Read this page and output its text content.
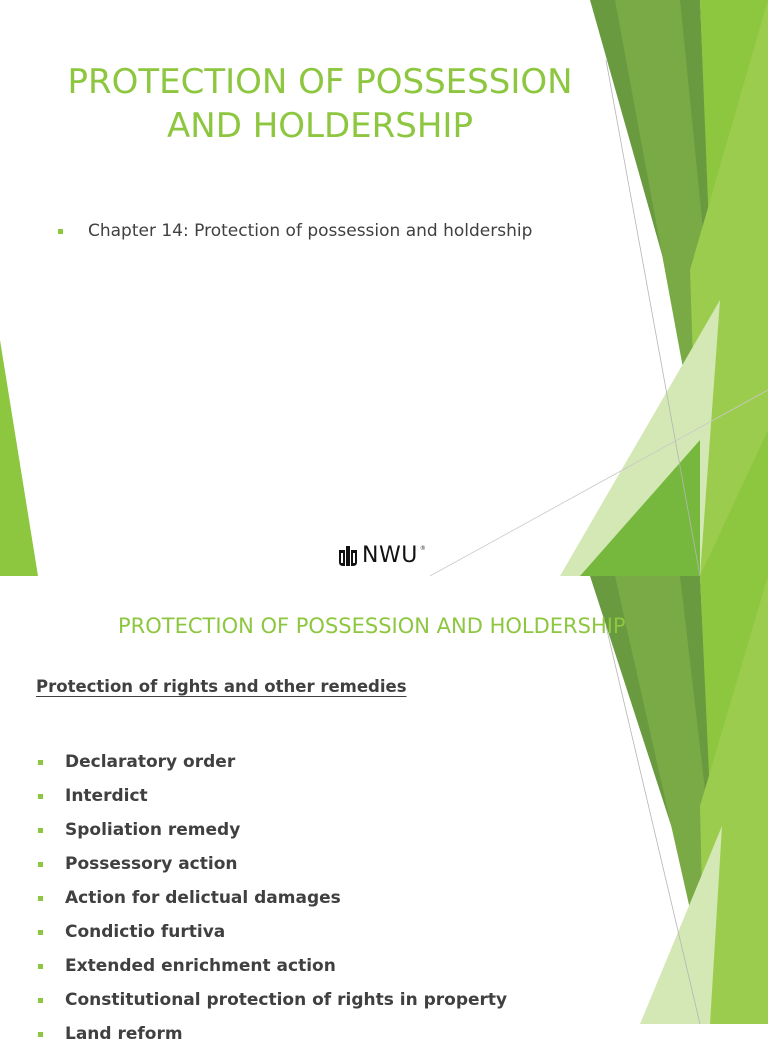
PROTECTION OF POSSESSION AND HOLDERSHIP
Chapter 14: Protection of possession and holdership
NWU ®
PROTECTION OF POSSESSION AND HOLDERSHIP
Protection of rights and other remedies
Declaratory order
Interdict
Spoliation remedy
Possessory action
Action for delictual damages
Condictio furtiva
Extended enrichment action
Constitutional protection of rights in property
Land reform
